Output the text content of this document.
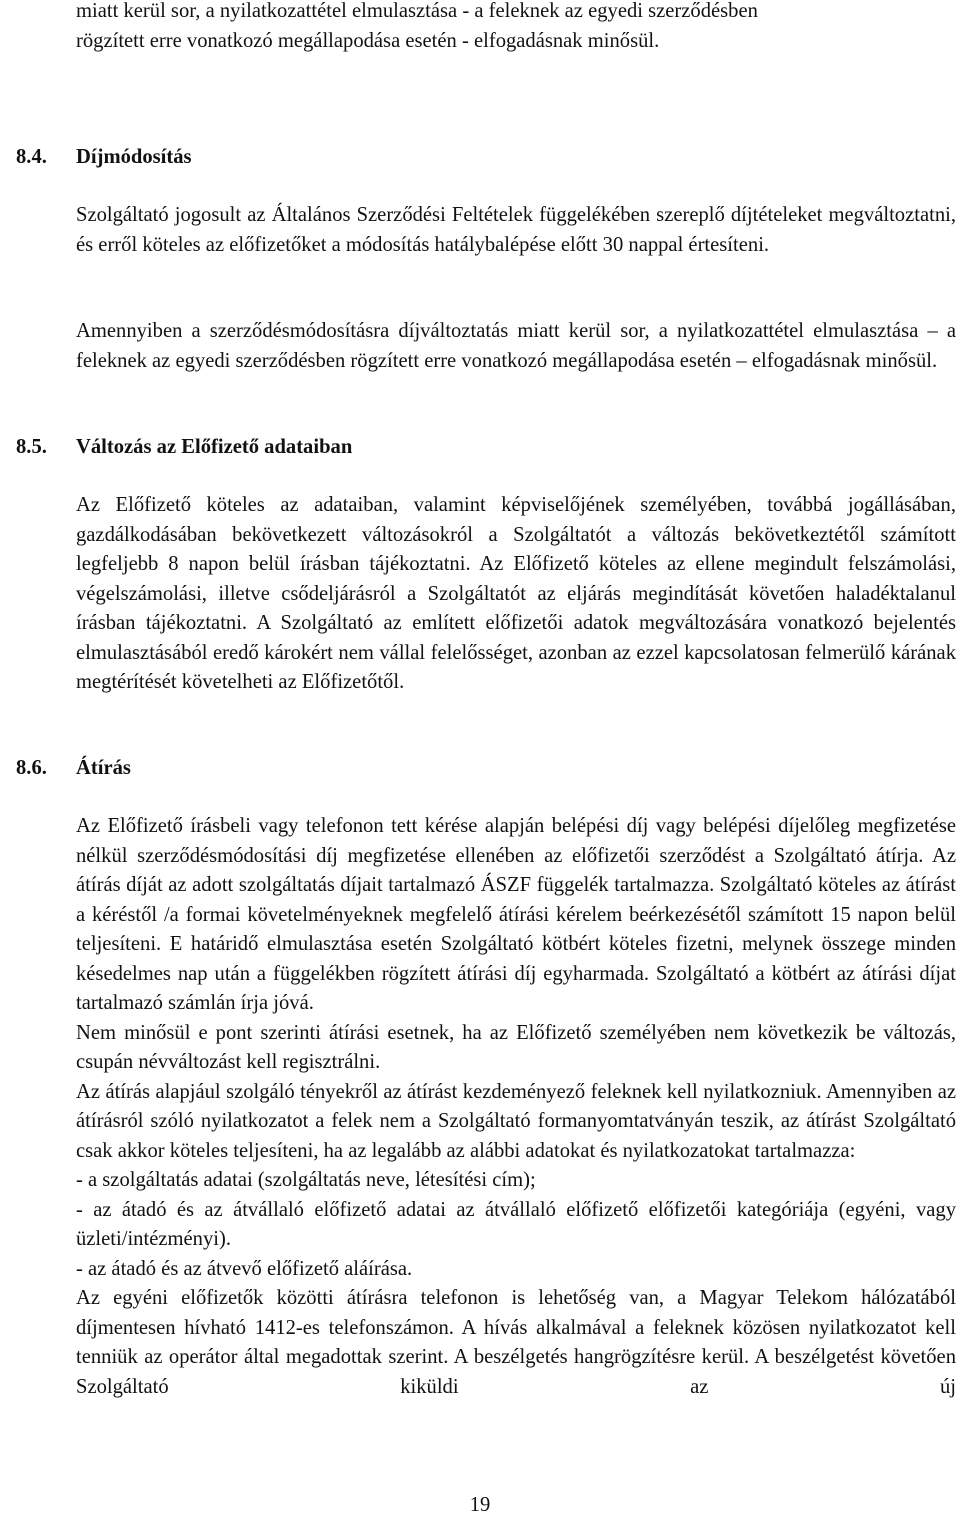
miatt kerül sor, a nyilatkozattétel elmulasztása - a feleknek az egyedi szerződésben
rögzített erre vonatkozó megállapodása esetén - elfogadásnak minősül.
8.4. Díjmódosítás

Szolgáltató jogosult az Általános Szerződési Feltételek függelékében szereplő díjtételeket megváltoztatni, és erről köteles az előfizetőket a módosítás hatálybalépése előtt 30 nappal értesíteni.

Amennyiben a szerződésmódosításra díjváltoztatás miatt kerül sor, a nyilatkozattétel elmulasztása – a feleknek az egyedi szerződésben rögzített erre vonatkozó megállapodása esetén – elfogadásnak minősül.

8.5. Változás az Előfizető adataiban

Az Előfizető köteles az adataiban, valamint képviselőjének személyében, továbbá jogállásában, gazdálkodásában bekövetkezett változásokról a Szolgáltatót a változás bekövetkeztétől számított legfeljebb 8 napon belül írásban tájékoztatni. Az Előfizető köteles az ellene megindult felszámolási, végelszámolási, illetve csődeljárásról a Szolgáltatót az eljárás megindítását követően haladéktalanul írásban tájékoztatni. A Szolgáltató az említett előfizetői adatok megváltozására vonatkozó bejelentés elmulasztásából eredő károkért nem vállal felelősséget, azonban az ezzel kapcsolatosan felmerülő kárának megtérítését követelheti az Előfizetőtől.

8.6. Átírás

Az Előfizető írásbeli vagy telefonon tett kérése alapján belépési díj vagy belépési díjelőleg megfizetése nélkül szerződésmódosítási díj megfizetése ellenében az előfizetői szerződést a Szolgáltató átírja. Az átírás díját az adott szolgáltatás díjait tartalmazó ÁSZF függelék tartalmazza. Szolgáltató köteles az átírást a kéréstől /a formai követelményeknek megfelelő átírási kérelem beérkezésétől számított 15 napon belül teljesíteni. E határidő elmulasztása esetén Szolgáltató kötbért köteles fizetni, melynek összege minden késedelmes nap után a függelékben rögzített átírási díj egyharmada. Szolgáltató a kötbért az átírási díjat tartalmazó számlán írja jóvá.

Nem minősül e pont szerinti átírási esetnek, ha az Előfizető személyében nem következik be változás, csupán névváltozást kell regisztrálni.

Az átírás alapjául szolgáló tényekről az átírást kezdeményező feleknek kell nyilatkozniuk. Amennyiben az átírásról szóló nyilatkozatot a felek nem a Szolgáltató formanyomtatványán teszik, az átírást Szolgáltató csak akkor köteles teljesíteni, ha az legalább az alábbi adatokat és nyilatkozatokat tartalmazza:

- a szolgáltatás adatai (szolgáltatás neve, létesítési cím);
- az átadó és az átvállaló előfizető adatai az átvállaló előfizető előfizetői kategóriája (egyéni, vagy üzleti/intézményi).
- az átadó és az átvevő előfizető aláírása.

Az egyéni előfizetők közötti átírásra telefonon is lehetőség van, a Magyar Telekom hálózatából díjmentesen hívható 1412-es telefonszámon. A hívás alkalmával a feleknek közösen nyilatkozatot kell tenniük az operátor által megadottak szerint. A beszélgetés hangrögzítésre kerül. A beszélgetést követően Szolgáltató kiküldi az új

19
